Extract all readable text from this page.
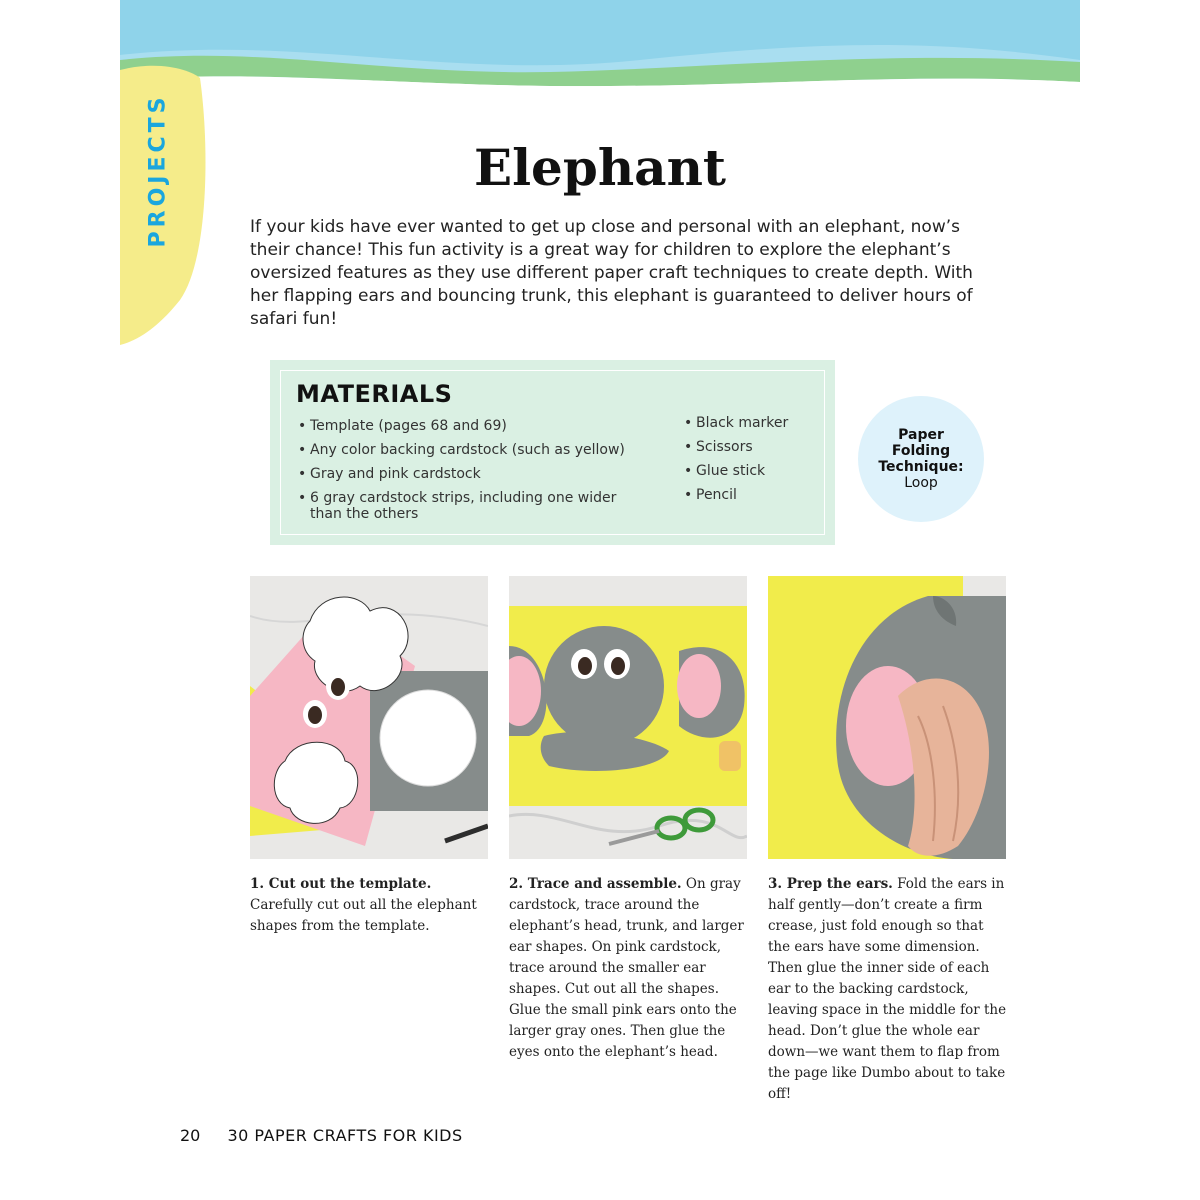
PROJECTS	Elephant

If your kids have ever wanted to get up close and personal with an elephant, now’s their chance! This fun activity is a great way for children to explore the elephant’s oversized features as they use different paper craft techniques to create depth. With her flapping ears and bouncing trunk, this elephant is guaranteed to deliver hours of safari fun!

MATERIALS
• Template (pages 68 and 69)
• Any color backing cardstock (such as yellow)
• Gray and pink cardstock
• 6 gray cardstock strips, including one wider than the others
• Black marker
• Scissors
• Glue stick
• Pencil
Paper Folding Technique:
Loop

1. Cut out the template. Carefully cut out all the elephant shapes from the template.

2. Trace and assemble. On gray cardstock, trace around the elephant’s head, trunk, and larger ear shapes. On pink cardstock, trace around the smaller ear shapes. Cut out all the shapes. Glue the small pink ears onto the larger gray ones. Then glue the eyes onto the elephant’s head.

3. Prep the ears. Fold the ears in half gently—don’t create a firm crease, just fold enough so that the ears have some dimension. Then glue the inner side of each ear to the backing cardstock, leaving space in the middle for the head. Don’t glue the whole ear down—we want them to flap from the page like Dumbo about to take off!

20 30 PAPER CRAFTS FOR KIDS
